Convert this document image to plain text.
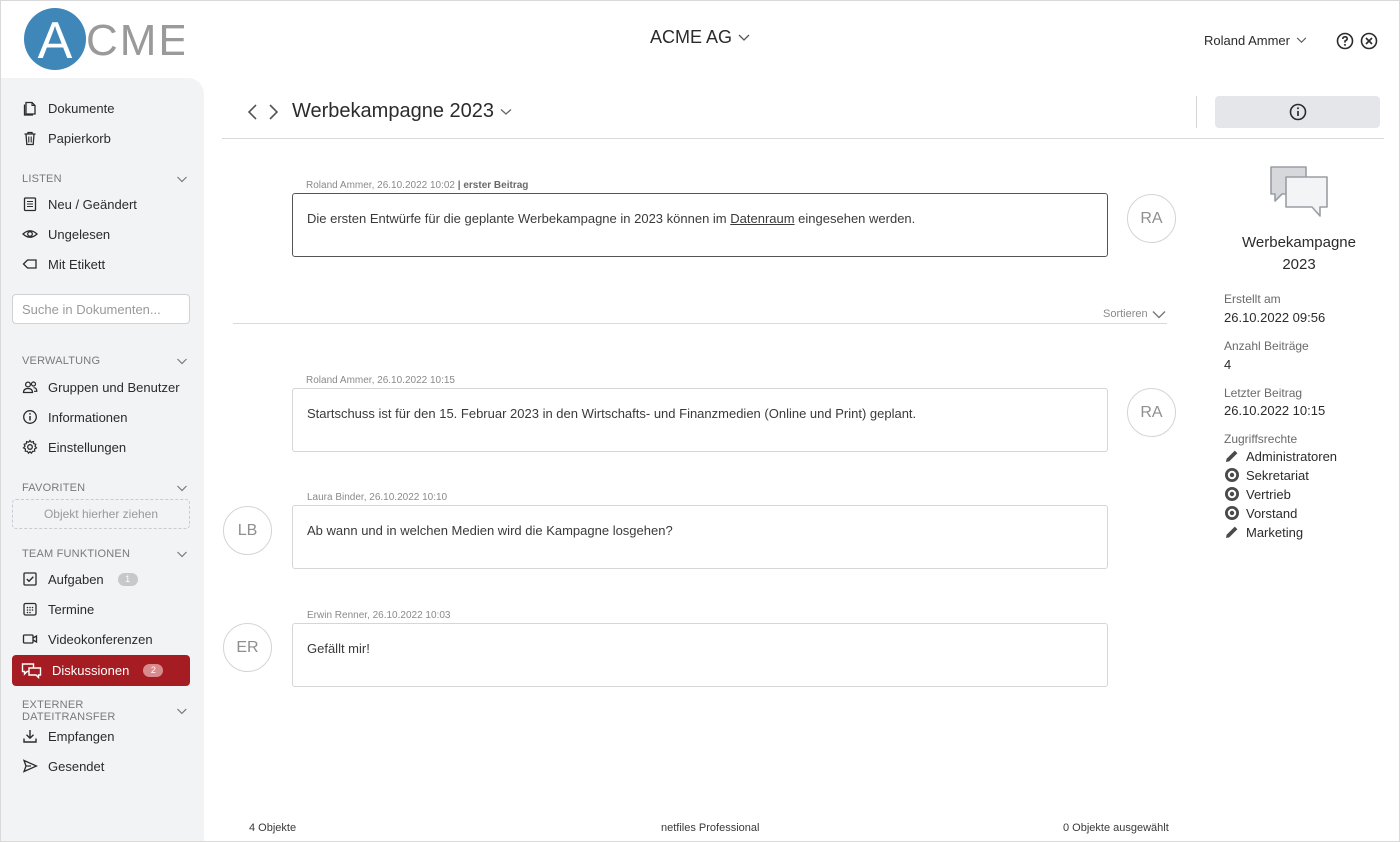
A CME	ACME AG	Roland Ammer
Dokumente
Papierkorb
LISTEN
Neu / Geändert
Ungelesen
Mit Etikett
Suche in Dokumenten...
VERWALTUNG
Gruppen und Benutzer
Informationen
Einstellungen
FAVORITEN
Objekt hierher ziehen
TEAM FUNKTIONEN
Aufgaben	1
Termine
Videokonferenzen
Diskussionen	2
EXTERNER DATEITRANSFER
Empfangen
Gesendet
Werbekampagne 2023
Roland Ammer, 26.10.2022 10:02 | erster Beitrag
Die ersten Entwürfe für die geplante Werbekampagne in 2023 können im Datenraum eingesehen werden.	RA
Sortieren
Roland Ammer, 26.10.2022 10:15
Startschuss ist für den 15. Februar 2023 in den Wirtschafts- und Finanzmedien (Online und Print) geplant.	RA
Laura Binder, 26.10.2022 10:10
Ab wann und in welchen Medien wird die Kampagne losgehen?
LB
Erwin Renner, 26.10.2022 10:03
Gefällt mir!
ER
Werbekampagne 2023
Erstellt am
26.10.2022 09:56
Anzahl Beiträge
4
Letzter Beitrag
26.10.2022 10:15
Zugriffsrechte
Administratoren
Sekretariat
Vertrieb
Vorstand
Marketing
4 Objekte	netfiles Professional	0 Objekte ausgewählt
